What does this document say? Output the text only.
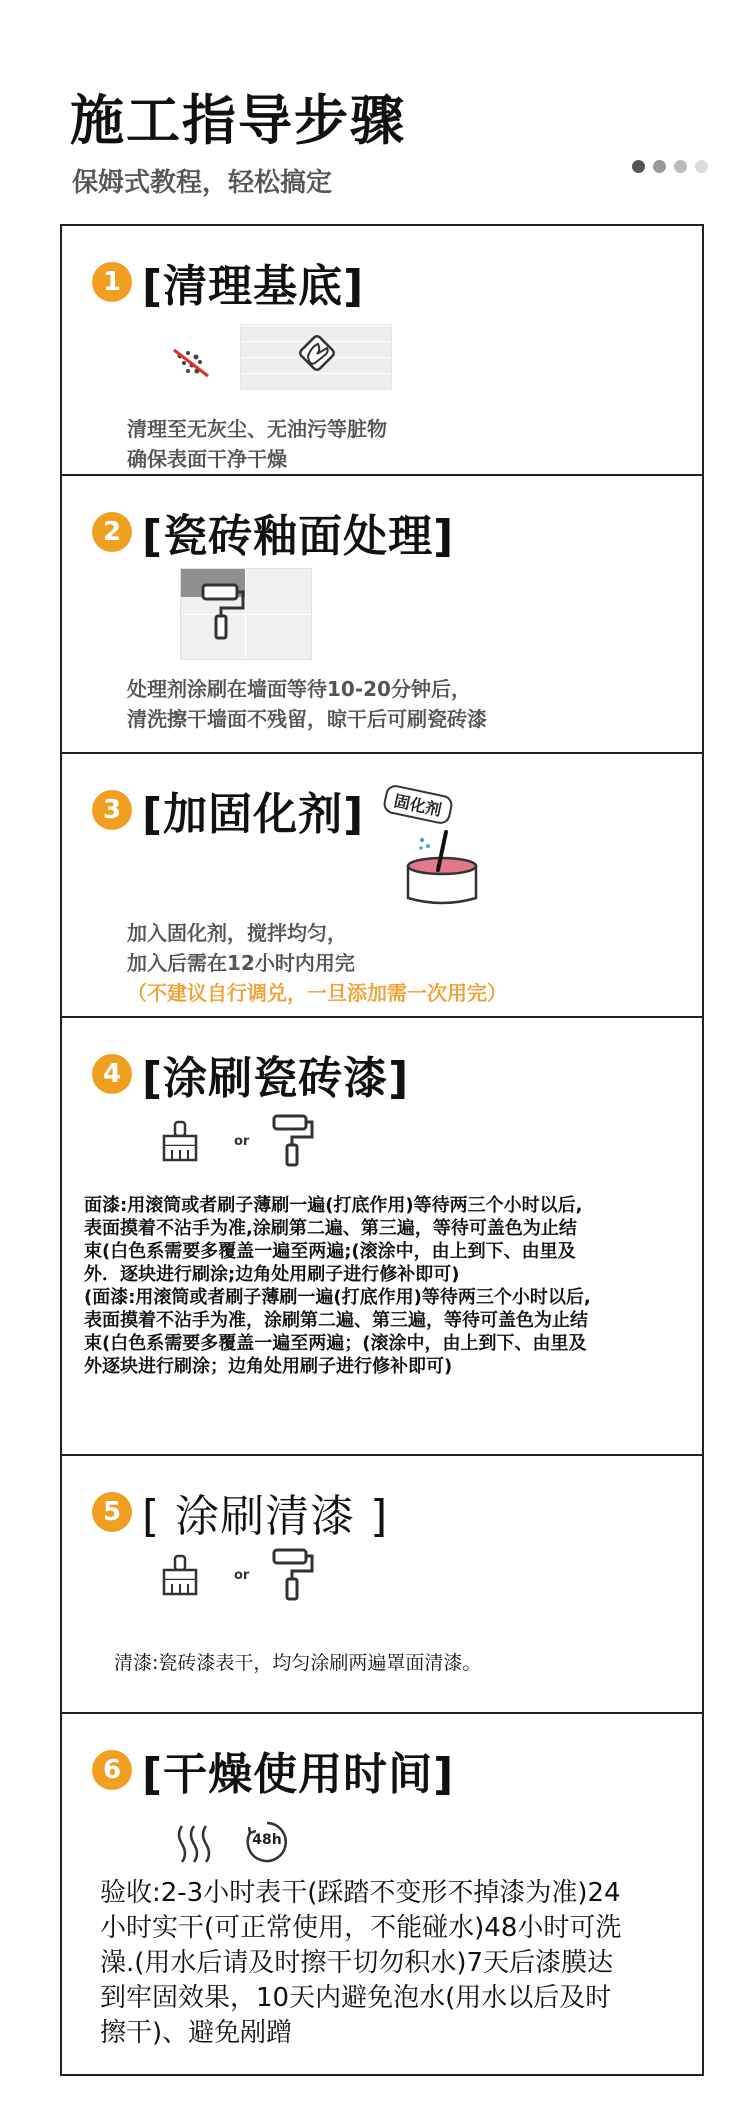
施工指导步骤
保姆式教程，轻松搞定
1 [清理基底]
清理至无灰尘、无油污等脏物
确保表面干净干燥
2 [瓷砖釉面处理]
处理剂涂刷在墙面等待10-20分钟后，
清洗擦干墙面不残留，晾干后可刷瓷砖漆
3 [加固化剂]	固化剂
加入固化剂，搅拌均匀，
加入后需在12小时内用完
（不建议自行调兑，一旦添加需一次用完）
4 [涂刷瓷砖漆]
or
面漆:用滚筒或者刷子薄刷一遍(打底作用)等待两三个小时以后,
表面摸着不沾手为准,涂刷第二遍、第三遍，等待可盖色为止结
束(白色系需要多覆盖一遍至两遍;(滚涂中，由上到下、由里及
外．逐块进行刷涂;边角处用刷子进行修补即可)
(面漆:用滚筒或者刷子薄刷一遍(打底作用)等待两三个小时以后,
表面摸着不沾手为准，涂刷第二遍、第三遍，等待可盖色为止结
束(白色系需要多覆盖一遍至两遍；(滚涂中，由上到下、由里及
外逐块进行刷涂；边角处用刷子进行修补即可)
5 [ 涂刷清漆 ]
or
清漆:瓷砖漆表干，均匀涂刷两遍罩面清漆。
6 [干燥使用时间]
48h
验收:2-3小时表干(踩踏不变形不掉漆为准)24
小时实干(可正常使用，不能碰水)48小时可洗
澡.(用水后请及时擦干切勿积水)7天后漆膜达
到牢固效果，10天内避免泡水(用水以后及时
擦干)、避免剐蹭
